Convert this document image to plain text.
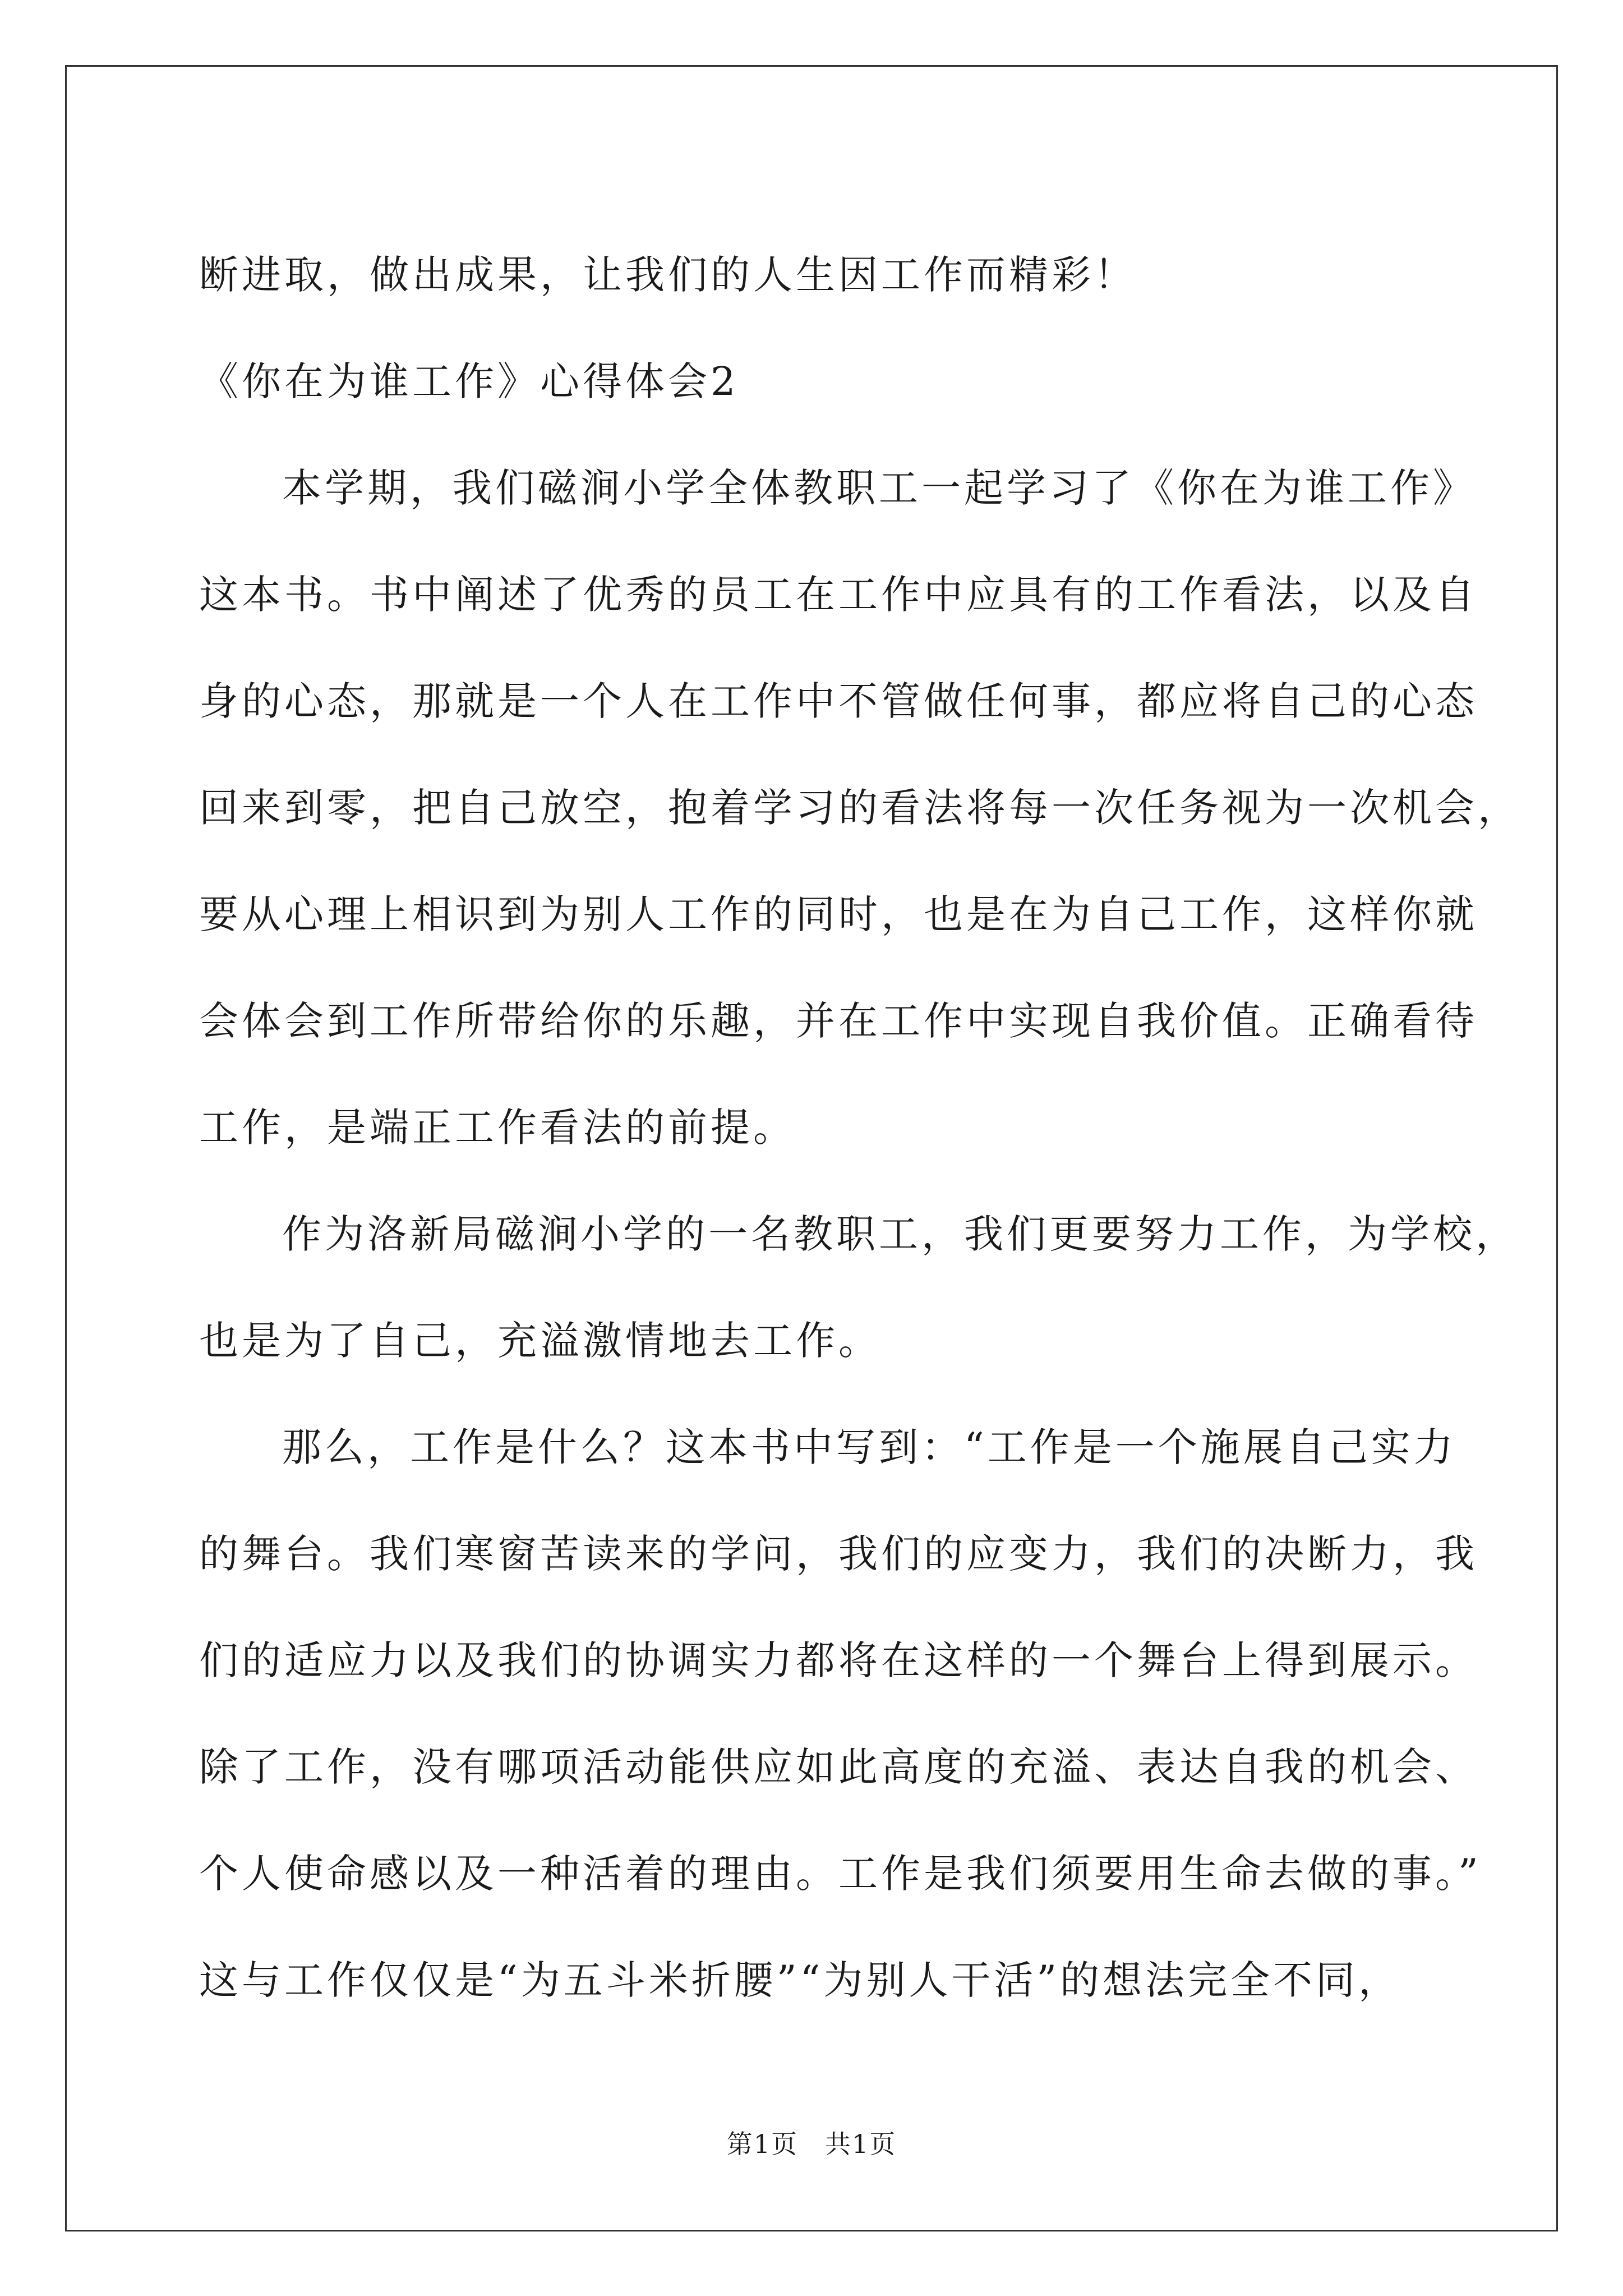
断进取，做出成果，让我们的人生因工作而精彩！
《你在为谁工作》心得体会2
本学期，我们磁涧小学全体教职工一起学习了《你在为谁工作》
这本书。书中阐述了优秀的员工在工作中应具有的工作看法，以及自
身的心态，那就是一个人在工作中不管做任何事，都应将自己的心态
回来到零，把自己放空，抱着学习的看法将每一次任务视为一次机会，
要从心理上相识到为别人工作的同时，也是在为自己工作，这样你就
会体会到工作所带给你的乐趣，并在工作中实现自我价值。正确看待
工作，是端正工作看法的前提。
作为洛新局磁涧小学的一名教职工，我们更要努力工作，为学校，
也是为了自己，充溢激情地去工作。
那么，工作是什么？这本书中写到：“工作是一个施展自己实力
的舞台。我们寒窗苦读来的学问，我们的应变力，我们的决断力，我
们的适应力以及我们的协调实力都将在这样的一个舞台上得到展示。
除了工作，没有哪项活动能供应如此高度的充溢、表达自我的机会、
个人使命感以及一种活着的理由。工作是我们须要用生命去做的事。”
这与工作仅仅是“为五斗米折腰”“为别人干活”的想法完全不同，
第1页　共1页
